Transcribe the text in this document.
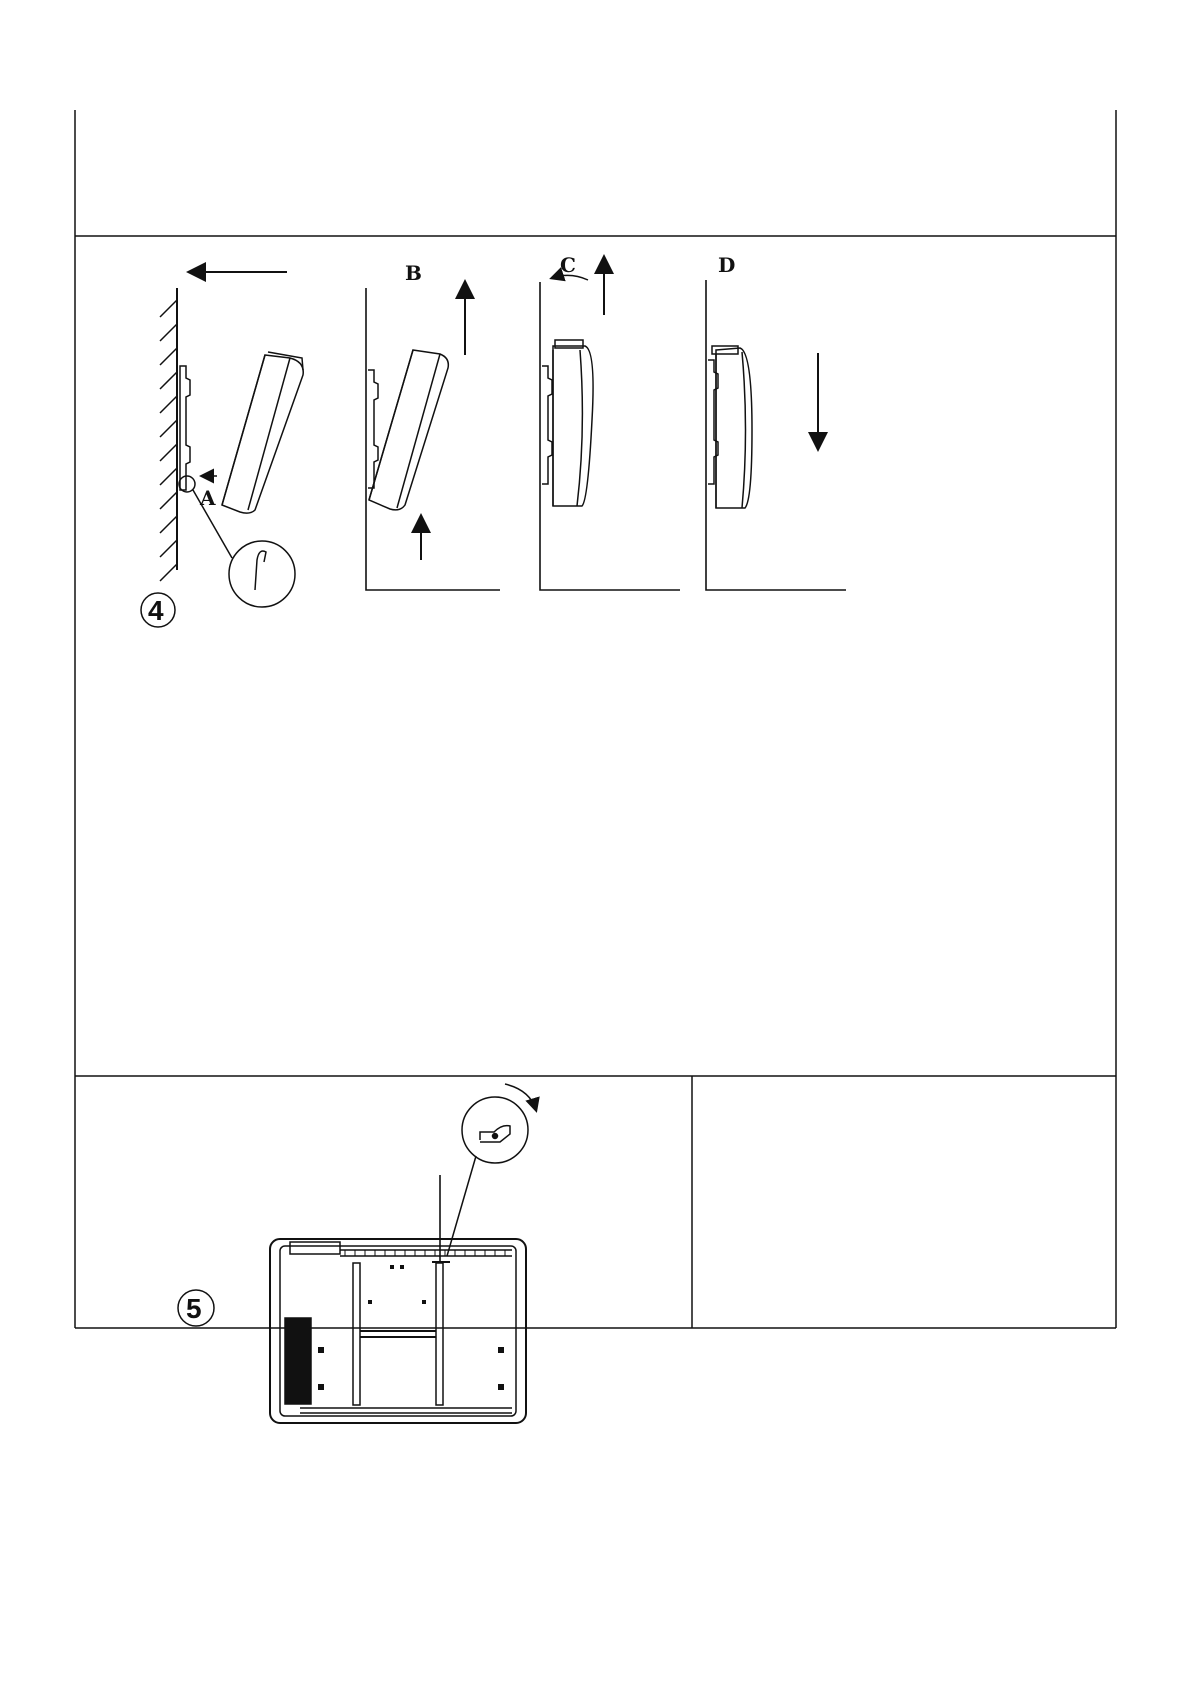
A
4
B	C	D
5
